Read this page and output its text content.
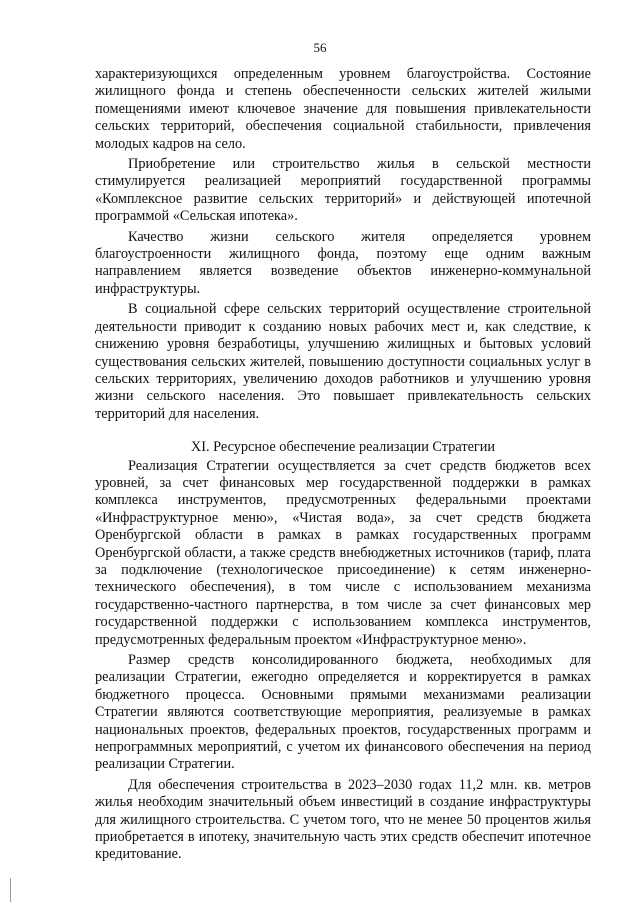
56

характеризующихся определенным уровнем благоустройства. Состояние жилищного фонда и степень обеспеченности сельских жителей жилыми помещениями имеют ключевое значение для повышения привлекательности сельских территорий, обеспечения социальной стабильности, привлечения молодых кадров на село.

Приобретение или строительство жилья в сельской местности стимулируется реализацией мероприятий государственной программы «Комплексное развитие сельских территорий» и действующей ипотечной программой «Сельская ипотека».

Качество жизни сельского жителя определяется уровнем благоустроенности жилищного фонда, поэтому еще одним важным направлением является возведение объектов инженерно-коммунальной инфраструктуры.

В социальной сфере сельских территорий осуществление строительной деятельности приводит к созданию новых рабочих мест и, как следствие, к снижению уровня безработицы, улучшению жилищных и бытовых условий существования сельских жителей, повышению доступности социальных услуг в сельских территориях, увеличению доходов работников и улучшению уровня жизни сельского населения. Это повышает привлекательность сельских территорий для населения.

XI. Ресурсное обеспечение реализации Стратегии

Реализация Стратегии осуществляется за счет средств бюджетов всех уровней, за счет финансовых мер государственной поддержки в рамках комплекса инструментов, предусмотренных федеральными проектами «Инфраструктурное меню», «Чистая вода», за счет средств бюджета Оренбургской области в рамках в рамках государственных программ Оренбургской области, а также средств внебюджетных источников (тариф, плата за подключение (технологическое присоединение) к сетям инженерно-технического обеспечения), в том числе с использованием механизма государственно-частного партнерства, в том числе за счет финансовых мер государственной поддержки с использованием комплекса инструментов, предусмотренных федеральным проектом «Инфраструктурное меню».

Размер средств консолидированного бюджета, необходимых для реализации Стратегии, ежегодно определяется и корректируется в рамках бюджетного процесса. Основными прямыми механизмами реализации Стратегии являются соответствующие мероприятия, реализуемые в рамках национальных проектов, федеральных проектов, государственных программ и непрограммных мероприятий, с учетом их финансового обеспечения на период реализации Стратегии.

Для обеспечения строительства в 2023–2030 годах 11,2 млн. кв. метров жилья необходим значительный объем инвестиций в создание инфраструктуры для жилищного строительства. С учетом того, что не менее 50 процентов жилья приобретается в ипотеку, значительную часть этих средств обеспечит ипотечное кредитование.
